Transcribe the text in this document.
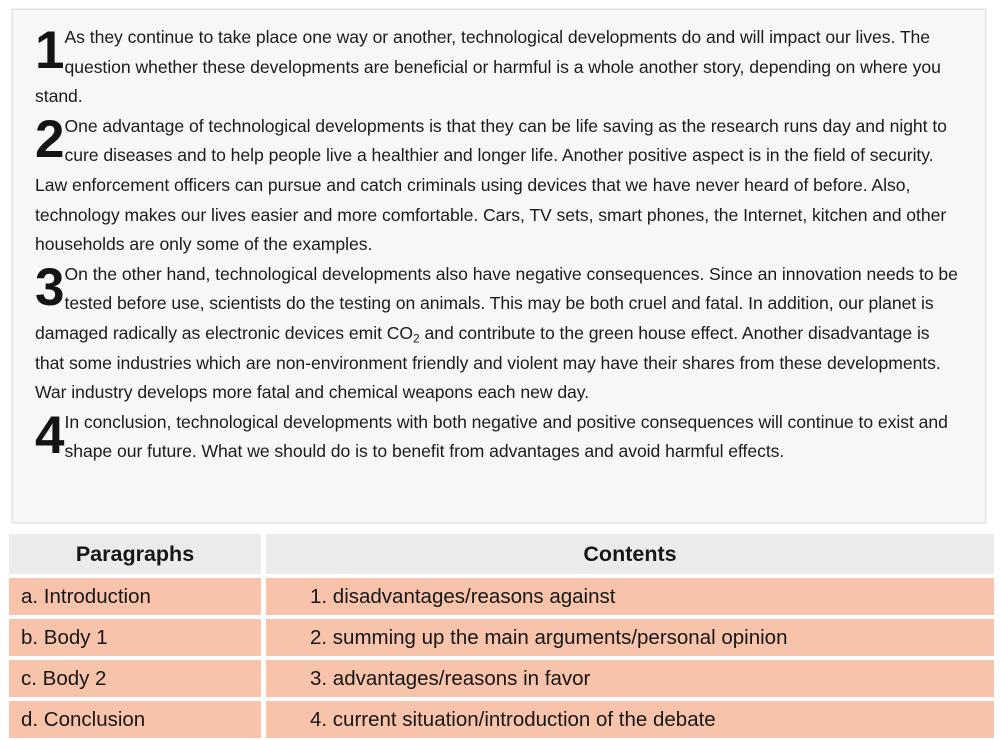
1 As they continue to take place one way or another, technological developments do and will impact our lives. The question whether these developments are beneficial or harmful is a whole another story, depending on where you stand.

2 One advantage of technological developments is that they can be life saving as the research runs day and night to cure diseases and to help people live a healthier and longer life. Another positive aspect is in the field of security. Law enforcement officers can pursue and catch criminals using devices that we have never heard of before. Also, technology makes our lives easier and more comfortable. Cars, TV sets, smart phones, the Internet, kitchen and other households are only some of the examples.

3 On the other hand, technological developments also have negative consequences. Since an innovation needs to be tested before use, scientists do the testing on animals. This may be both cruel and fatal. In addition, our planet is damaged radically as electronic devices emit $CO_2$ and contribute to the green house effect. Another disadvantage is that some industries which are non-environment friendly and violent may have their shares from these developments. War industry develops more fatal and chemical weapons each new day.

4 In conclusion, technological developments with both negative and positive consequences will continue to exist and shape our future. What we should do is to benefit from advantages and avoid harmful effects.

Paragraphs	Contents
a. Introduction	1. disadvantages/reasons against
b. Body 1	2. summing up the main arguments/personal opinion
c. Body 2	3. advantages/reasons in favor
d. Conclusion	4. current situation/introduction of the debate
